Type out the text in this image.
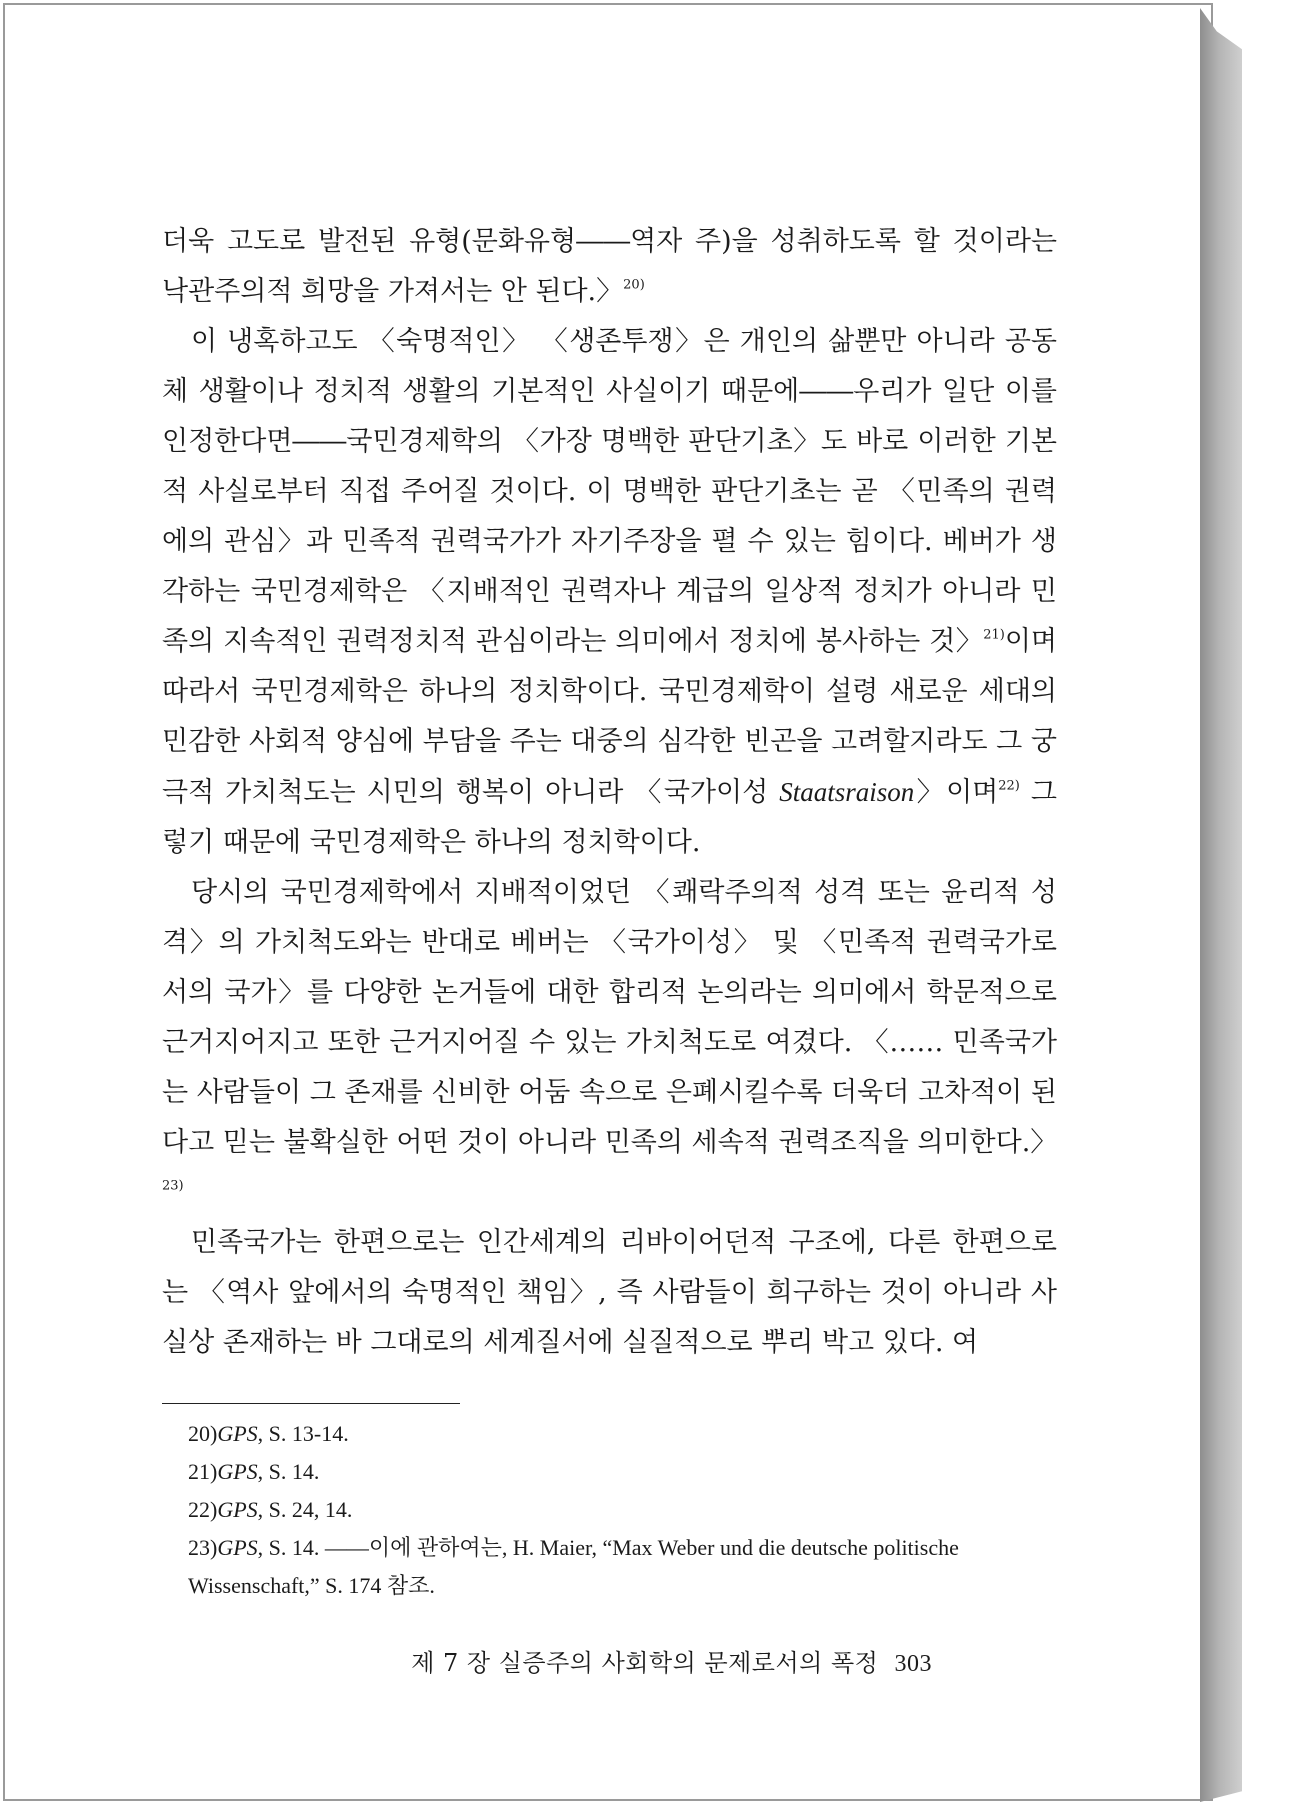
더욱 고도로 발전된 유형(문화유형――역자 주)을 성취하도록 할 것이라는 낙관주의적 희망을 가져서는 안 된다.〉$^{20)}$

이 냉혹하고도 〈숙명적인〉 〈생존투쟁〉은 개인의 삶뿐만 아니라 공동체 생활이나 정치적 생활의 기본적인 사실이기 때문에――우리가 일단 이를 인정한다면――국민경제학의 〈가장 명백한 판단기초〉도 바로 이러한 기본적 사실로부터 직접 주어질 것이다. 이 명백한 판단기초는 곧 〈민족의 권력에의 관심〉과 민족적 권력국가가 자기주장을 펼 수 있는 힘이다. 베버가 생각하는 국민경제학은 〈지배적인 권력자나 계급의 일상적 정치가 아니라 민족의 지속적인 권력정치적 관심이라는 의미에서 정치에 봉사하는 것〉$^{21)}$이며 따라서 국민경제학은 하나의 정치학이다. 국민경제학이 설령 새로운 세대의 민감한 사회적 양심에 부담을 주는 대중의 심각한 빈곤을 고려할지라도 그 궁극적 가치척도는 시민의 행복이 아니라 〈국가이성 Staatsraison〉이며$^{22)}$ 그렇기 때문에 국민경제학은 하나의 정치학이다.

당시의 국민경제학에서 지배적이었던 〈쾌락주의적 성격 또는 윤리적 성격〉의 가치척도와는 반대로 베버는 〈국가이성〉 및 〈민족적 권력국가로서의 국가〉를 다양한 논거들에 대한 합리적 논의라는 의미에서 학문적으로 근거지어지고 또한 근거지어질 수 있는 가치척도로 여겼다. 〈…… 민족국가는 사람들이 그 존재를 신비한 어둠 속으로 은폐시킬수록 더욱더 고차적이 된다고 믿는 불확실한 어떤 것이 아니라 민족의 세속적 권력조직을 의미한다.〉$^{23)}$

민족국가는 한편으로는 인간세계의 리바이어던적 구조에, 다른 한편으로는 〈역사 앞에서의 숙명적인 책임〉, 즉 사람들이 희구하는 것이 아니라 사실상 존재하는 바 그대로의 세계질서에 실질적으로 뿌리 박고 있다. 여

20) GPS, S. 13-14.
21) GPS, S. 14.
22) GPS, S. 24, 14.
23) GPS, S. 14. ――이에 관하여는, H. Maier, “Max Weber und die deutsche politische
Wissenschaft,” S. 174 참조.
제 7 장 실증주의 사회학의 문제로서의 폭정 303
